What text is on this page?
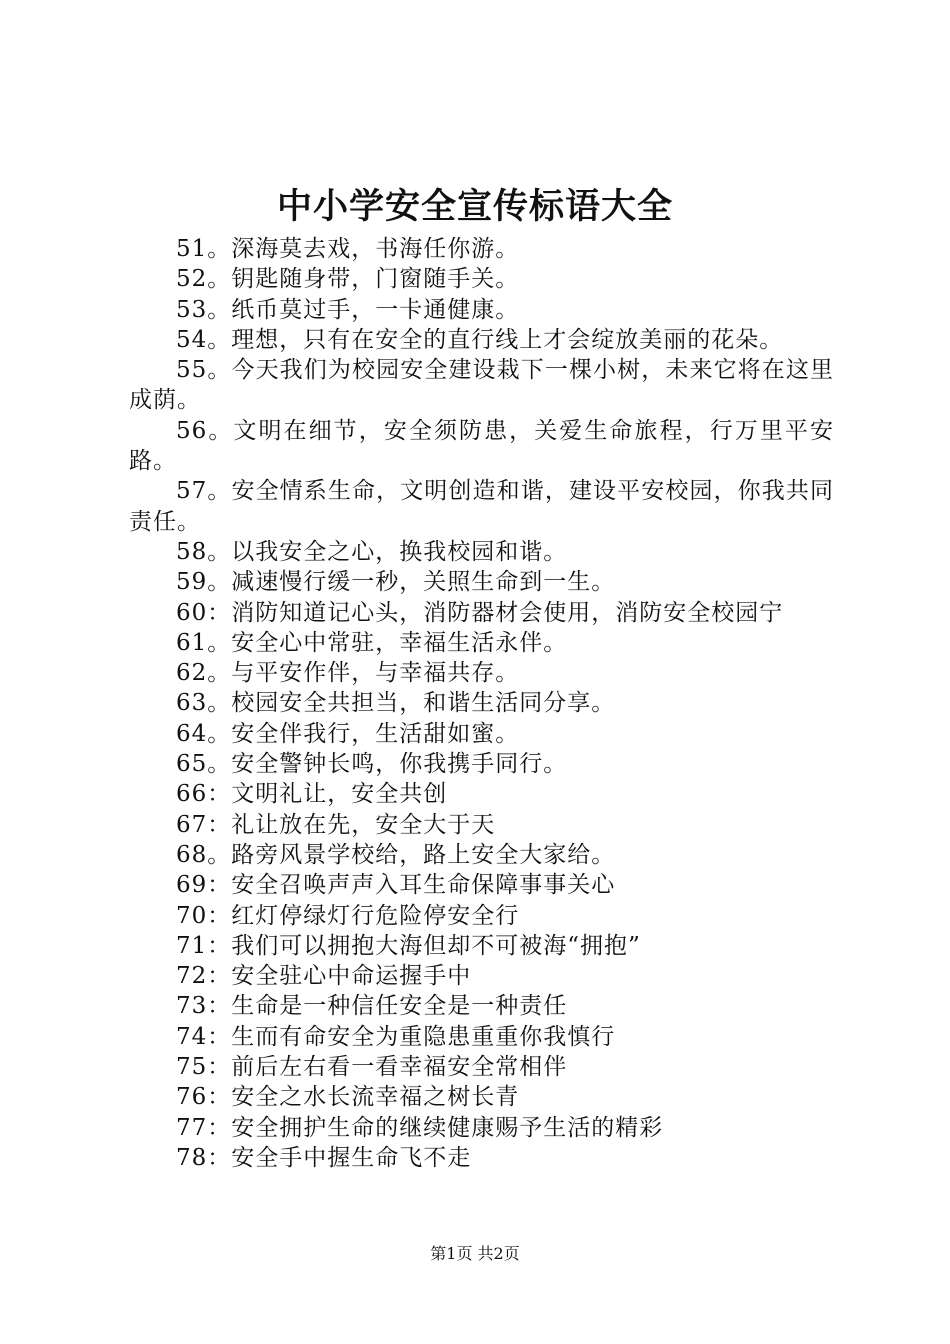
中小学安全宣传标语大全

51。深海莫去戏，书海任你游。

52。钥匙随身带，门窗随手关。

53。纸币莫过手，一卡通健康。

54。理想，只有在安全的直行线上才会绽放美丽的花朵。

55。今天我们为校园安全建设栽下一棵小树，未来它将在这里成荫。

56。文明在细节，安全须防患，关爱生命旅程，行万里平安路。

57。安全情系生命，文明创造和谐，建设平安校园，你我共同责任。

58。以我安全之心，换我校园和谐。

59。减速慢行缓一秒，关照生命到一生。

60：消防知道记心头，消防器材会使用，消防安全校园宁

61。安全心中常驻，幸福生活永伴。

62。与平安作伴，与幸福共存。

63。校园安全共担当，和谐生活同分享。

64。安全伴我行，生活甜如蜜。

65。安全警钟长鸣，你我携手同行。

66：文明礼让，安全共创

67：礼让放在先，安全大于天

68。路旁风景学校给，路上安全大家给。

69：安全召唤声声入耳生命保障事事关心

70：红灯停绿灯行危险停安全行

71：我们可以拥抱大海但却不可被海“拥抱”

72：安全驻心中命运握手中

73：生命是一种信任安全是一种责任

74：生而有命安全为重隐患重重你我慎行

75：前后左右看一看幸福安全常相伴

76：安全之水长流幸福之树长青

77：安全拥护生命的继续健康赐予生活的精彩

78：安全手中握生命飞不走

第1页 共2页
